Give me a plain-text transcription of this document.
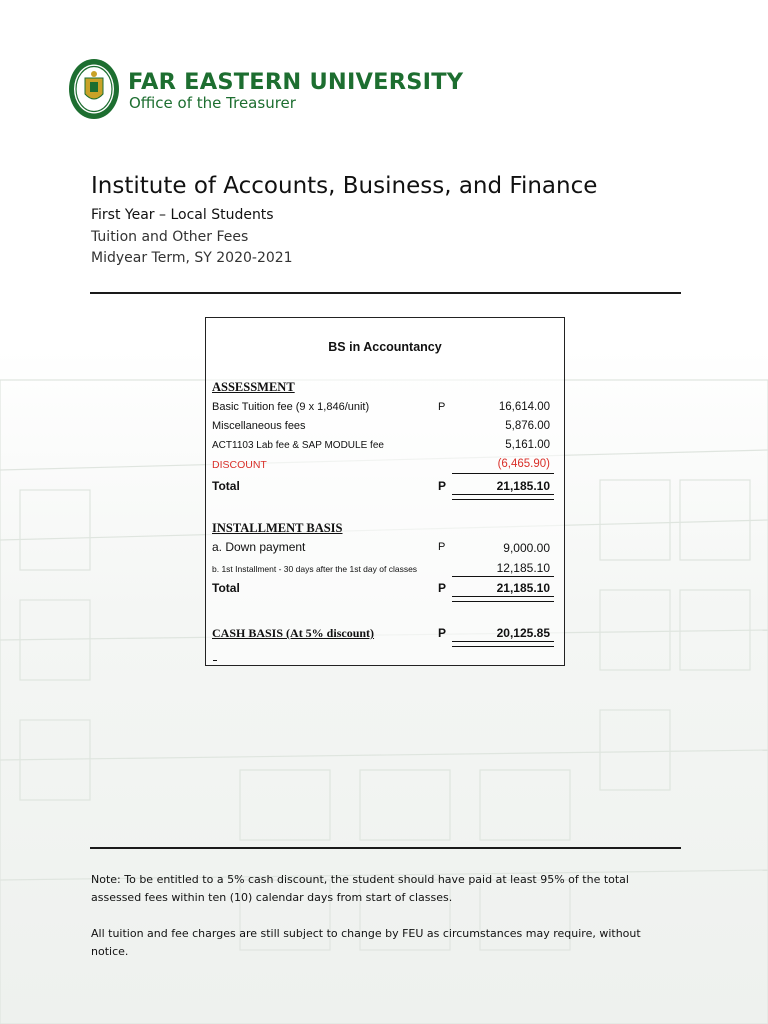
FAR EASTERN UNIVERSITY
Office of the Treasurer
Institute of Accounts, Business, and Finance
First Year – Local Students
Tuition and Other Fees
Midyear Term, SY 2020-2021
BS in Accountancy
ASSESSMENT
Basic Tuition fee (9 x 1,846/unit)	P	16,614.00
Miscellaneous fees	5,876.00
ACT1103 Lab fee & SAP MODULE fee	5,161.00
DISCOUNT	(6,465.90)
Total	P	21,185.10
INSTALLMENT BASIS
a. Down payment	P	9,000.00
b. 1st Installment - 30 days after the 1st day of classes	12,185.10
Total	P	21,185.10
CASH BASIS (At 5% discount)	P	20,125.85
Note: To be entitled to a 5% cash discount, the student should have paid at least 95% of the total assessed fees within ten (10) calendar days from start of classes.
All tuition and fee charges are still subject to change by FEU as circumstances may require, without notice.
